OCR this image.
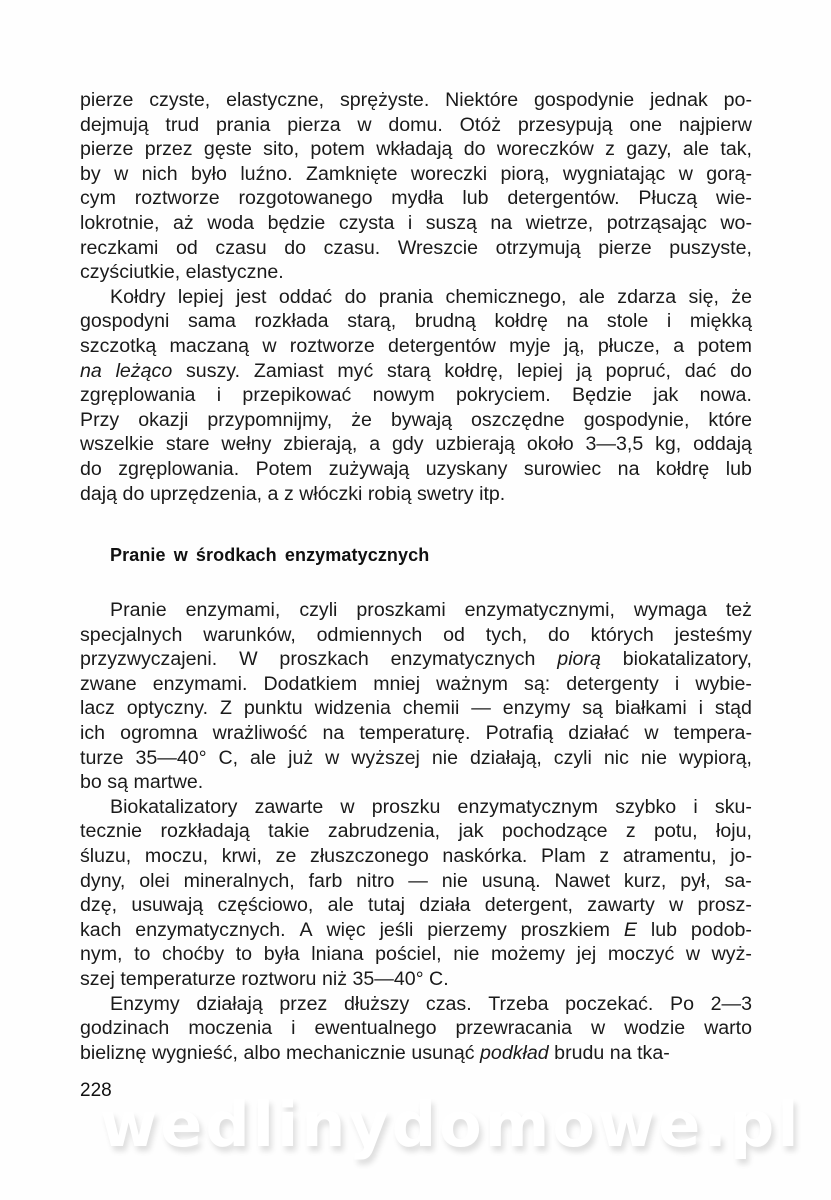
pierze czyste, elastyczne, sprężyste. Niektóre gospodynie jednak po-
dejmują trud prania pierza w domu. Otóż przesypują one najpierw
pierze przez gęste sito, potem wkładają do woreczków z gazy, ale tak,
by w nich było luźno. Zamknięte woreczki piorą, wygniatając w gorą-
cym roztworze rozgotowanego mydła lub detergentów. Płuczą wie-
lokrotnie, aż woda będzie czysta i suszą na wietrze, potrząsając wo-
reczkami od czasu do czasu. Wreszcie otrzymują pierze puszyste,
czyściutkie, elastyczne.
Kołdry lepiej jest oddać do prania chemicznego, ale zdarza się, że
gospodyni sama rozkłada starą, brudną kołdrę na stole i miękką
szczotką maczaną w roztworze detergentów myje ją, płucze, a potem
na leżąco suszy. Zamiast myć starą kołdrę, lepiej ją popruć, dać do
zgręplowania i przepikować nowym pokryciem. Będzie jak nowa.
Przy okazji przypomnijmy, że bywają oszczędne gospodynie, które
wszelkie stare wełny zbierają, a gdy uzbierają około 3—3,5 kg, oddają
do zgręplowania. Potem zużywają uzyskany surowiec na kołdrę lub
dają do uprzędzenia, a z włóczki robią swetry itp.
Pranie w środkach enzymatycznych
Pranie enzymami, czyli proszkami enzymatycznymi, wymaga też
specjalnych warunków, odmiennych od tych, do których jesteśmy
przyzwyczajeni. W proszkach enzymatycznych piorą biokatalizatory,
zwane enzymami. Dodatkiem mniej ważnym są: detergenty i wybie-
lacz optyczny. Z punktu widzenia chemii — enzymy są białkami i stąd
ich ogromna wrażliwość na temperaturę. Potrafią działać w tempera-
turze 35—40° C, ale już w wyższej nie działają, czyli nic nie wypiorą,
bo są martwe.
Biokatalizatory zawarte w proszku enzymatycznym szybko i sku-
tecznie rozkładają takie zabrudzenia, jak pochodzące z potu, łoju,
śluzu, moczu, krwi, ze złuszczonego naskórka. Plam z atramentu, jo-
dyny, olei mineralnych, farb nitro — nie usuną. Nawet kurz, pył, sa-
dzę, usuwają częściowo, ale tutaj działa detergent, zawarty w prosz-
kach enzymatycznych. A więc jeśli pierzemy proszkiem E lub podob-
nym, to choćby to była lniana pościel, nie możemy jej moczyć w wyż-
szej temperaturze roztworu niż 35—40° C.
Enzymy działają przez dłuższy czas. Trzeba poczekać. Po 2—3
godzinach moczenia i ewentualnego przewracania w wodzie warto
bieliznę wygnieść, albo mechanicznie usunąć podkład brudu na tka-
228
wedlinydomowe.pl
